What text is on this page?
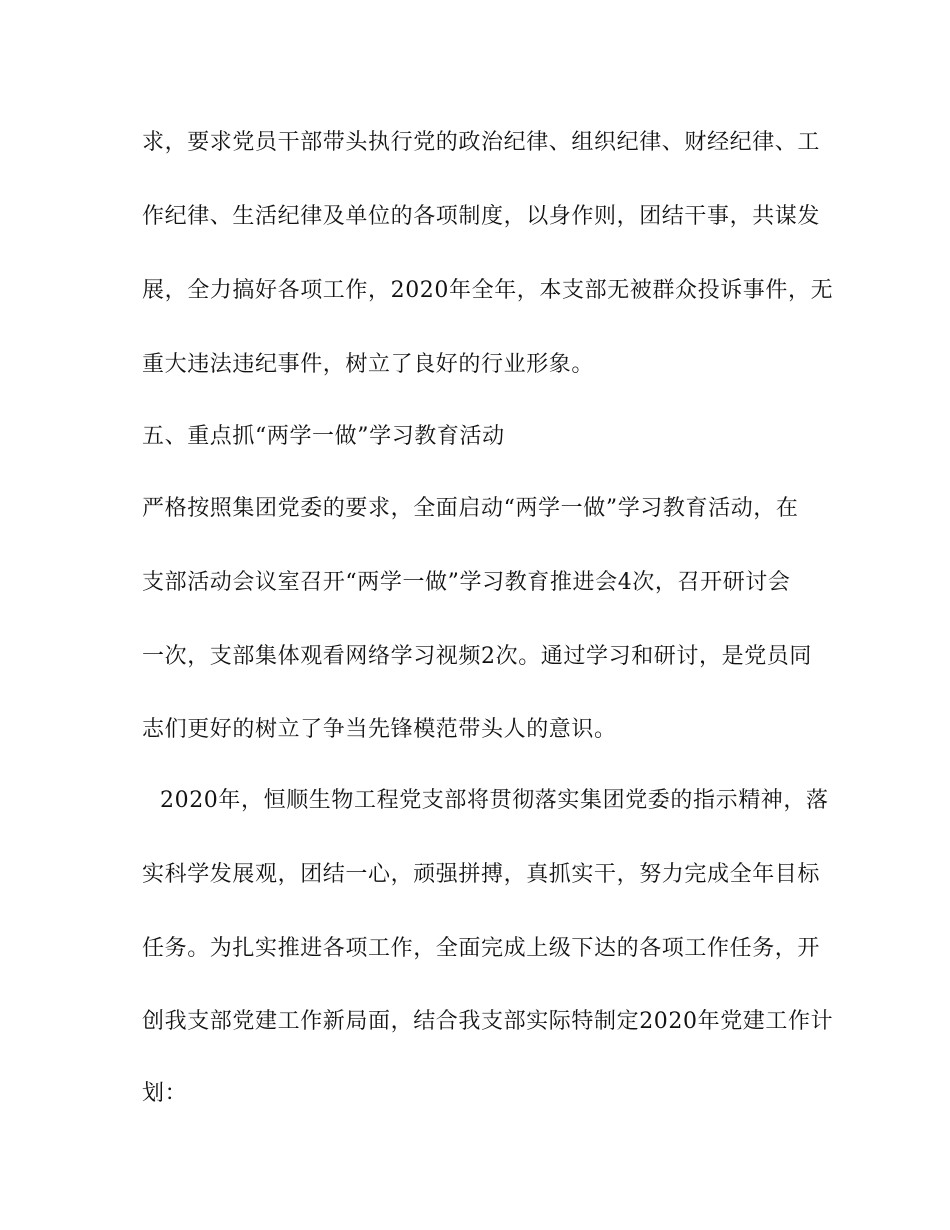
求，要求党员干部带头执行党的政治纪律、组织纪律、财经纪律、工
作纪律、生活纪律及单位的各项制度，以身作则，团结干事，共谋发
展，全力搞好各项工作，2020年全年，本支部无被群众投诉事件，无
重大违法违纪事件，树立了良好的行业形象。
五、重点抓“两学一做”学习教育活动
严格按照集团党委的要求，全面启动“两学一做”学习教育活动，在
支部活动会议室召开“两学一做”学习教育推进会4次，召开研讨会
一次，支部集体观看网络学习视频2次。通过学习和研讨，是党员同
志们更好的树立了争当先锋模范带头人的意识。
2020年，恒顺生物工程党支部将贯彻落实集团党委的指示精神，落
实科学发展观，团结一心，顽强拼搏，真抓实干，努力完成全年目标
任务。为扎实推进各项工作，全面完成上级下达的各项工作任务，开
创我支部党建工作新局面，结合我支部实际特制定2020年党建工作计
划：
